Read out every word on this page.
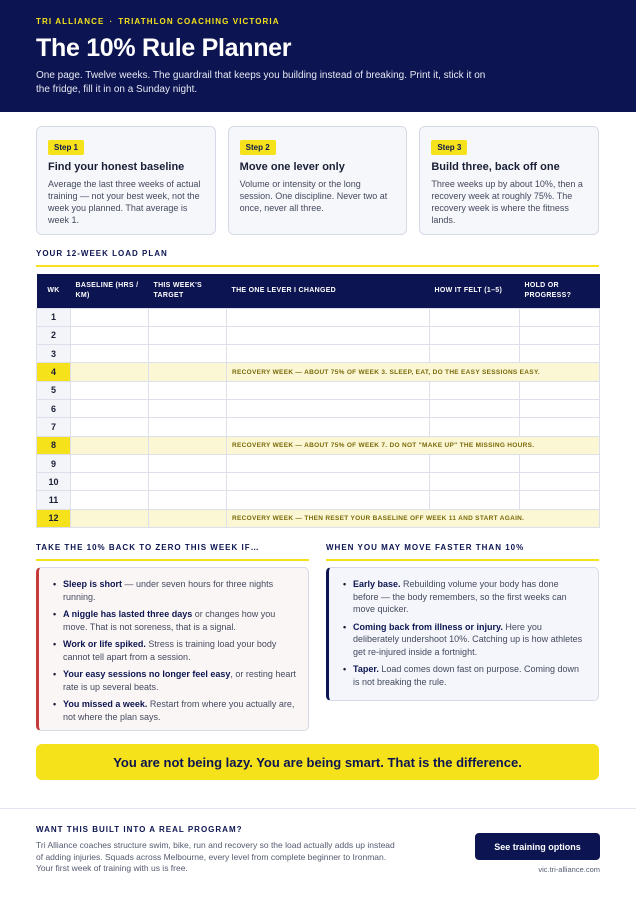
TRI ALLIANCE · TRIATHLON COACHING VICTORIA
The 10% Rule Planner
One page. Twelve weeks. The guardrail that keeps you building instead of breaking. Print it, stick it on the fridge, fill it in on a Sunday night.
Step 1
Find your honest baseline
Average the last three weeks of actual training — not your best week, not the week you planned. That average is week 1.
Step 2
Move one lever only
Volume or intensity or the long session. One discipline. Never two at once, never all three.
Step 3
Build three, back off one
Three weeks up by about 10%, then a recovery week at roughly 75%. The recovery week is where the fitness lands.
YOUR 12-WEEK LOAD PLAN
WK	BASELINE (HRS / KM)	THIS WEEK'S TARGET	THE ONE LEVER I CHANGED	HOW IT FELT (1–5)	HOLD OR PROGRESS?
1					
2					
3					
4			RECOVERY WEEK — ABOUT 75% OF WEEK 3. SLEEP, EAT, DO THE EASY SESSIONS EASY.		
5					
6					
7					
8			RECOVERY WEEK — ABOUT 75% OF WEEK 7. DO NOT "MAKE UP" THE MISSING HOURS.		
9					
10					
11					
12			RECOVERY WEEK — THEN RESET YOUR BASELINE OFF WEEK 11 AND START AGAIN.		
TAKE THE 10% BACK TO ZERO THIS WEEK IF…	WHEN YOU MAY MOVE FASTER THAN 10%
• Sleep is short — under seven hours for three nights running.
• A niggle has lasted three days or changes how you move. That is not soreness, that is a signal.
• Work or life spiked. Stress is training load your body cannot tell apart from a session.
• Your easy sessions no longer feel easy, or resting heart rate is up several beats.
• You missed a week. Restart from where you actually are, not where the plan says.
• Early base. Rebuilding volume your body has done before — the body remembers, so the first weeks can move quicker.
• Coming back from illness or injury. Here you deliberately undershoot 10%. Catching up is how athletes get re-injured inside a fortnight.
• Taper. Load comes down fast on purpose. Coming down is not breaking the rule.
You are not being lazy. You are being smart. That is the difference.
WANT THIS BUILT INTO A REAL PROGRAM?
Tri Alliance coaches structure swim, bike, run and recovery so the load actually adds up instead of adding injuries. Squads across Melbourne, every level from complete beginner to Ironman. Your first week of training with us is free.
See training options
vic.tri-alliance.com
